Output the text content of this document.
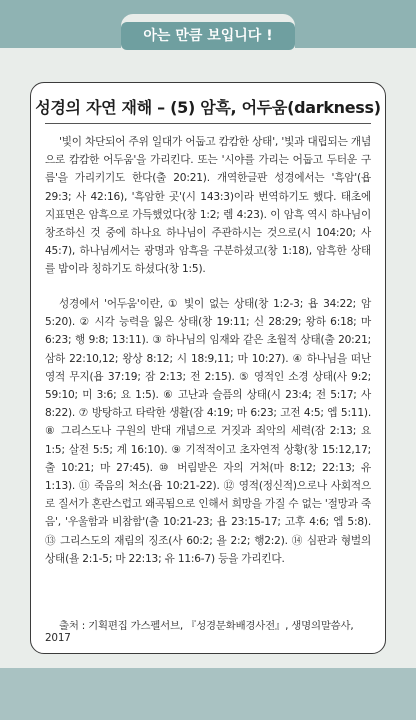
아는 만큼 보입니다 !
성경의 자연 재해 – (5) 암흑, 어두움(darkness)
'빛이 차단되어 주위 일대가 어둡고 캄캄한 상태', '빛과 대립되는 개념으로 캄캄한 어두움'을 가리킨다. 또는 '시야를 가리는 어둡고 두터운 구름'을 가리키기도 한다(출 20:21). 개역한글판 성경에서는 '흑암'(욥 29:3; 사 42:16), '흑암한 곳'(시 143:3)이라 번역하기도 했다. 태초에 지표면은 암흑으로 가득했었다(창 1:2; 렘 4:23). 이 암흑 역시 하나님이 창조하신 것 중에 하나요 하나님이 주관하시는 것으로(시 104:20; 사 45:7), 하나님께서는 광명과 암흑을 구분하셨고(창 1:18), 암흑한 상태를 밤이라 칭하기도 하셨다(창 1:5).
성경에서 '어두움'이란, ① 빛이 없는 상태(창 1:2-3; 욥 34:22; 암 5:20). ② 시각 능력을 잃은 상태(창 19:11; 신 28:29; 왕하 6:18; 마 6:23; 행 9:8; 13:11). ③ 하나님의 임재와 같은 초월적 상태(출 20:21; 삼하 22:10,12; 왕상 8:12; 시 18:9,11; 마 10:27). ④ 하나님을 떠난 영적 무지(욥 37:19; 잠 2:13; 전 2:15). ⑤ 영적인 소경 상태(사 9:2; 59:10; 미 3:6; 요 1:5). ⑥ 고난과 슬픔의 상태(시 23:4; 전 5:17; 사 8:22). ⑦ 방탕하고 타락한 생활(잠 4:19; 마 6:23; 고전 4:5; 엡 5:11). ⑧ 그리스도나 구원의 반대 개념으로 거짓과 죄악의 세력(잠 2:13; 요 1:5; 살전 5:5; 계 16:10). ⑨ 기적적이고 초자연적 상황(창 15:12,17; 출 10:21; 마 27:45). ⑩ 버림받은 자의 거처(마 8:12; 22:13; 유 1:13). ⑪ 죽음의 처소(욥 10:21-22). ⑫ 영적(정신적)으로나 사회적으로 질서가 혼란스럽고 왜곡됨으로 인해서 희망을 가질 수 없는 '절망과 죽음', '우울함과 비참함'(출 10:21-23; 욥 23:15-17; 고후 4:6; 엡 5:8). ⑬ 그리스도의 재림의 징조(사 60:2; 욜 2:2; 행2:2). ⑭ 심판과 형벌의 상태(욜 2:1-5; 마 22:13; 유 11:6-7) 등을 가리킨다.
출처 : 기획편집 가스펠서브, 『성경문화배경사전』, 생명의말씀사, 2017
